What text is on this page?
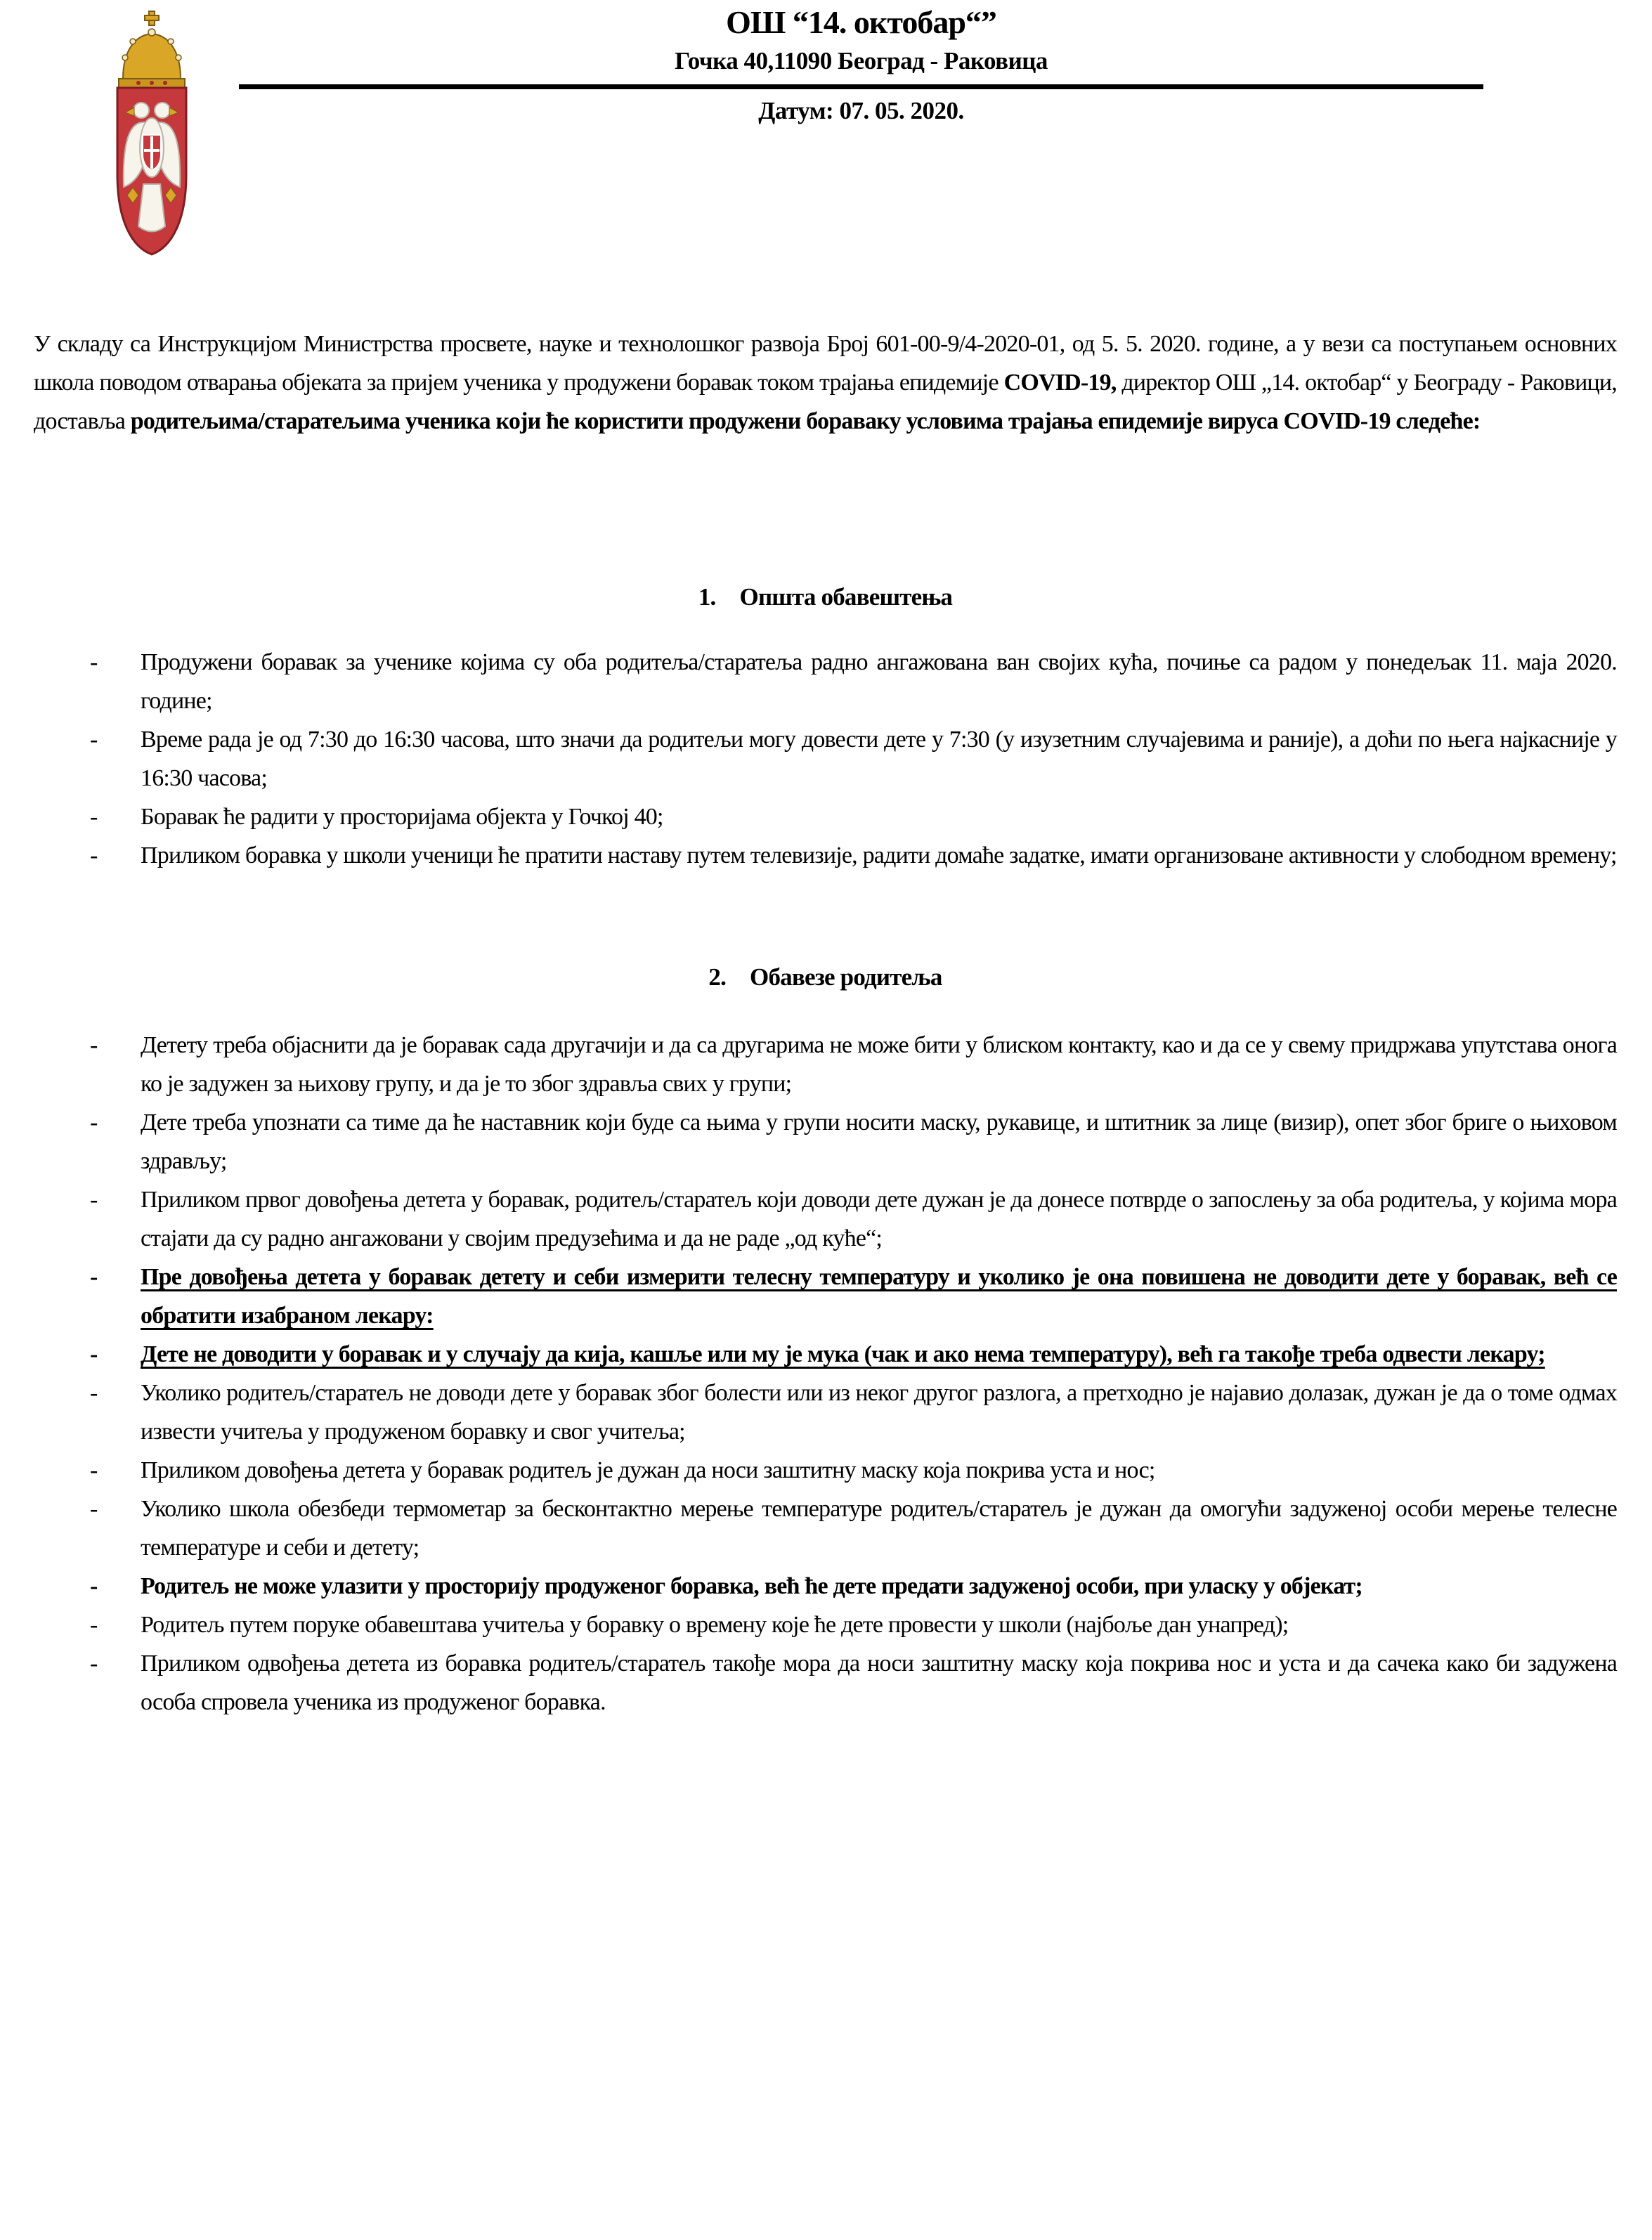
ОШ “14. октобар“”
Гочка 40,11090 Београд - Раковица
Датум: 07. 05. 2020.

У складу са Инструкцијом Министрства просвете, науке и технолошког развоја Број 601-00-9/4-2020-01, од 5. 5. 2020. године, а у вези са поступањем основних школа поводом отварања објеката за пријем ученика у продужени боравак током трајања епидемије COVID-19, директор ОШ „14. октобар“ у Београду - Раковици, доставља родитељима/старатељима ученика који ће користити продужени бораваку условима трајања епидемије вируса COVID-19 следеће:

1. Општа обавештења
- Продужени боравак за ученике којима су оба родитеља/старатеља радно ангажована ван својих кућа, почиње са радом у понедељак 11. маја 2020. године;
- Време рада је од 7:30 до 16:30 часова, што значи да родитељи могу довести дете у 7:30 (у изузетним случајевима и раније), а доћи по њега најкасније у 16:30 часова;
- Боравак ће радити у просторијама објекта у Гочкој 40;
- Приликом боравка у школи ученици ће пратити наставу путем телевизије, радити домаће задатке, имати организоване активности у слободном времену;
2. Обавезе родитеља
- Детету треба објаснити да је боравак сада другачији и да са другарима не може бити у блиском контакту, као и да се у свему придржава упутстава онога ко је задужен за њихову групу, и да је то због здравља свих у групи;
- Дете треба упознати са тиме да ће наставник који буде са њима у групи носити маску, рукавице, и штитник за лице (визир), опет због бриге о њиховом здрављу;
- Приликом првог довођења детета у боравак, родитељ/старатељ који доводи дете дужан је да донесе потврде о запослењу за оба родитеља, у којима мора стајати да су радно ангажовани у својим предузећима и да не раде „од куће“;
- Пре довођења детета у боравак детету и себи измерити телесну температуру и уколико је она повишена не доводити дете у боравак, већ се обратити изабраном лекару:
- Дете не доводити у боравак и у случају да кија, кашље или му је мука (чак и ако нема температуру), већ га такође треба одвести лекару;
- Уколико родитељ/старатељ не доводи дете у боравак због болести или из неког другог разлога, а претходно је најавио долазак, дужан је да о томе одмах извести учитеља у продуженом боравку и свог учитеља;
- Приликом довођења детета у боравак родитељ је дужан да носи заштитну маску која покрива уста и нос;
- Уколико школа обезбеди термометар за бесконтактно мерење температуре родитељ/старатељ је дужан да омогући задуженој особи мерење телесне температуре и себи и детету;
- Родитељ не може улазити у просторију продуженог боравка, већ ће дете предати задуженој особи, при уласку у објекат;
- Родитељ путем поруке обавештава учитеља у боравку о времену које ће дете провести у школи (најбоље дан унапред);
- Приликом одвођења детета из боравка родитељ/старатељ такође мора да носи заштитну маску која покрива нос и уста и да сачека како би задужена особа спровела ученика из продуженог боравка.
